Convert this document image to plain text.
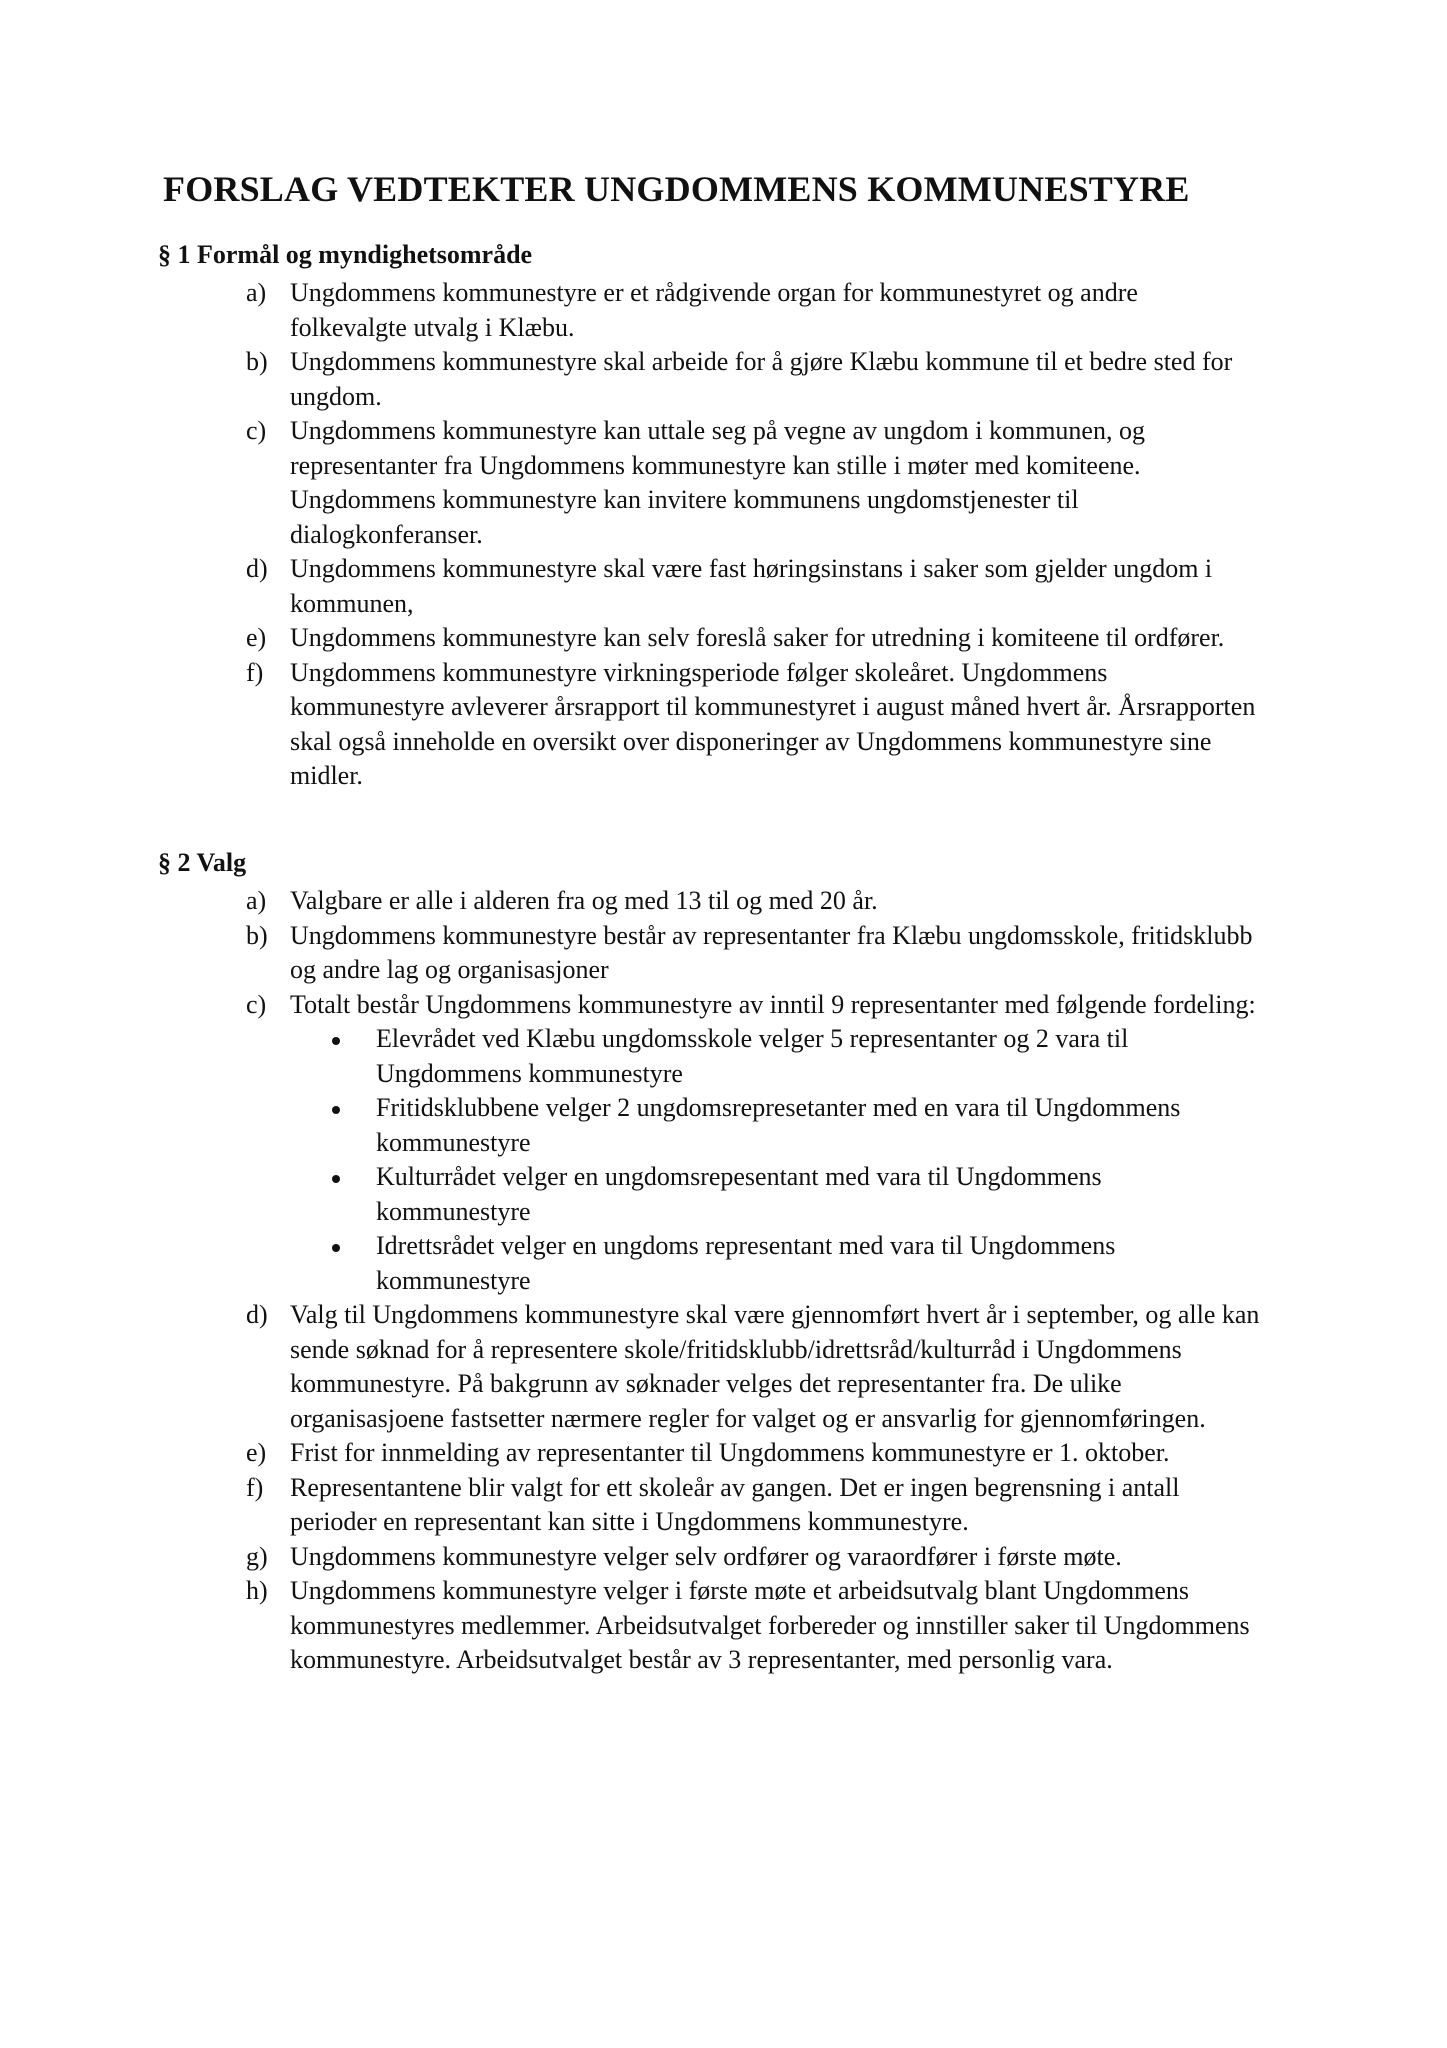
FORSLAG VEDTEKTER UNGDOMMENS KOMMUNESTYRE
§ 1 Formål og myndighetsområde
a) Ungdommens kommunestyre er et rådgivende organ for kommunestyret og andre folkevalgte utvalg i Klæbu.
b) Ungdommens kommunestyre skal arbeide for å gjøre Klæbu kommune til et bedre sted for ungdom.
c) Ungdommens kommunestyre kan uttale seg på vegne av ungdom i kommunen, og representanter fra Ungdommens kommunestyre kan stille i møter med komiteene. Ungdommens kommunestyre kan invitere kommunens ungdomstjenester til dialogkonferanser.
d) Ungdommens kommunestyre skal være fast høringsinstans i saker som gjelder ungdom i kommunen,
e) Ungdommens kommunestyre kan selv foreslå saker for utredning i komiteene til ordfører.
f) Ungdommens kommunestyre virkningsperiode følger skoleåret. Ungdommens kommunestyre avleverer årsrapport til kommunestyret i august måned hvert år. Årsrapporten skal også inneholde en oversikt over disponeringer av Ungdommens kommunestyre sine midler.
§ 2 Valg
a) Valgbare er alle i alderen fra og med 13 til og med 20 år.
b) Ungdommens kommunestyre består av representanter fra Klæbu ungdomsskole, fritidsklubb og andre lag og organisasjoner
c) Totalt består Ungdommens kommunestyre av inntil 9 representanter med følgende fordeling:
Elevrådet ved Klæbu ungdomsskole velger 5 representanter og 2 vara til Ungdommens kommunestyre
Fritidsklubbene velger 2 ungdomsrepresetanter med en vara til Ungdommens kommunestyre
Kulturrådet velger en ungdomsrepesentant med vara til Ungdommens kommunestyre
Idrettsrådet velger en ungdoms representant med vara til Ungdommens kommunestyre
d) Valg til Ungdommens kommunestyre skal være gjennomført hvert år i september, og alle kan sende søknad for å representere skole/fritidsklubb/idrettsråd/kulturråd i Ungdommens kommunestyre. På bakgrunn av søknader velges det representanter fra. De ulike organisasjoene fastsetter nærmere regler for valget og er ansvarlig for gjennomføringen.
e) Frist for innmelding av representanter til Ungdommens kommunestyre er 1. oktober.
f) Representantene blir valgt for ett skoleår av gangen. Det er ingen begrensning i antall perioder en representant kan sitte i Ungdommens kommunestyre.
g) Ungdommens kommunestyre velger selv ordfører og varaordfører i første møte.
h) Ungdommens kommunestyre velger i første møte et arbeidsutvalg blant Ungdommens kommunestyres medlemmer. Arbeidsutvalget forbereder og innstiller saker til Ungdommens kommunestyre. Arbeidsutvalget består av 3 representanter, med personlig vara.
